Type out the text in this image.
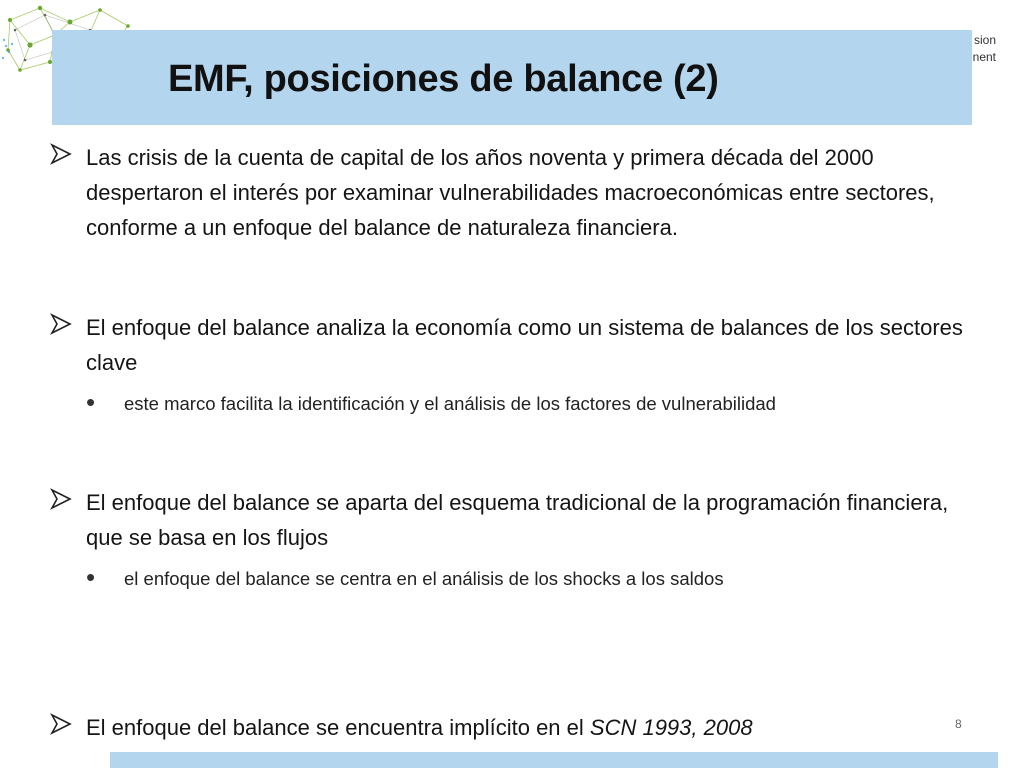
sion
nent
EMF, posiciones de balance (2)
Las crisis de la cuenta de capital de los años noventa y primera década del 2000 despertaron el interés por examinar vulnerabilidades macroeconómicas entre sectores, conforme a un enfoque del balance de naturaleza financiera.
El enfoque del balance analiza la economía como un sistema de balances de los sectores clave
• este marco facilita la identificación y el análisis de los factores de vulnerabilidad
El enfoque del balance se aparta del esquema tradicional de la programación financiera, que se basa en los flujos
• el enfoque del balance se centra en el análisis de los shocks a los saldos
El enfoque del balance se encuentra implícito en el SCN 1993, 2008	8
